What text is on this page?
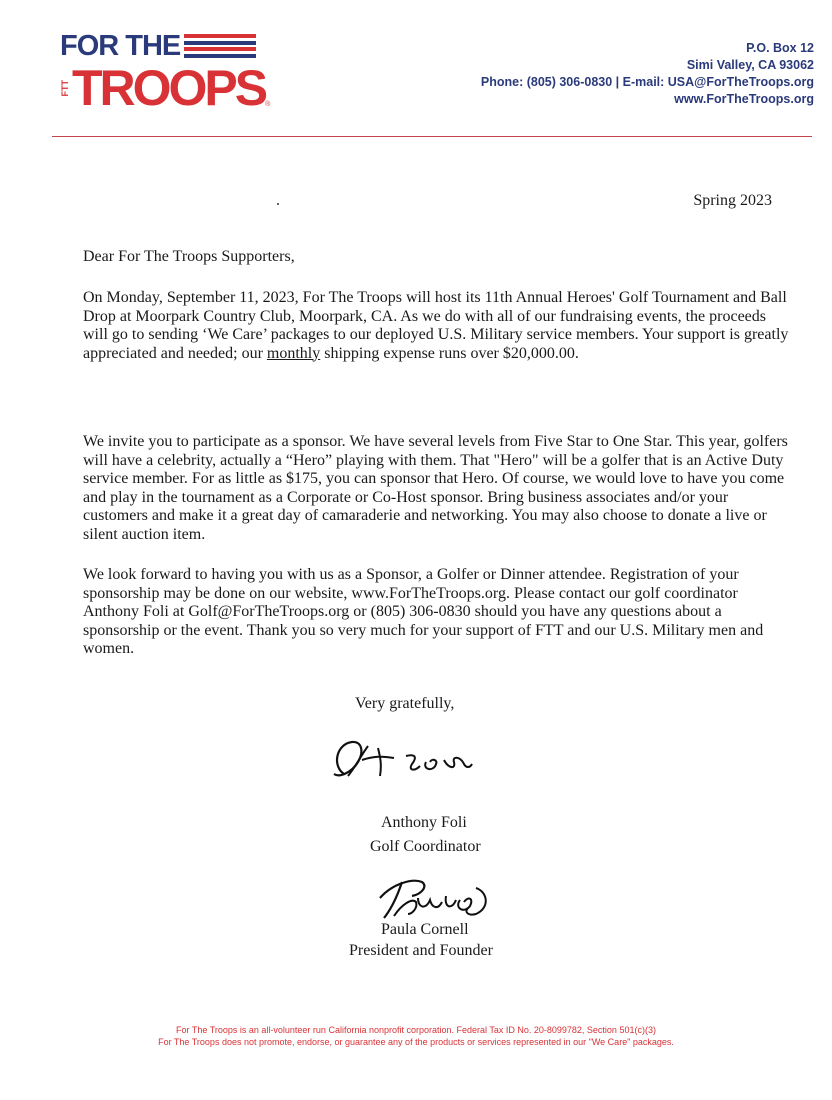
FOR THE
FTT TROOPS ®
P.O. Box 12
Simi Valley, CA 93062
Phone: (805) 306-0830 | E-mail: USA@ForTheTroops.org
www.ForTheTroops.org
Spring 2023
Dear For The Troops Supporters,
On Monday, September 11, 2023, For The Troops will host its 11th Annual Heroes' Golf Tournament and Ball Drop at Moorpark Country Club, Moorpark, CA. As we do with all of our fundraising events, the proceeds will go to sending ‘We Care’ packages to our deployed U.S. Military service members. Your support is greatly appreciated and needed; our monthly shipping expense runs over $20,000.00.
We invite you to participate as a sponsor. We have several levels from Five Star to One Star. This year, golfers will have a celebrity, actually a “Hero” playing with them. That "Hero" will be a golfer that is an Active Duty service member. For as little as $175, you can sponsor that Hero. Of course, we would love to have you come and play in the tournament as a Corporate or Co-Host sponsor. Bring business associates and/or your customers and make it a great day of camaraderie and networking. You may also choose to donate a live or silent auction item.
We look forward to having you with us as a Sponsor, a Golfer or Dinner attendee. Registration of your sponsorship may be done on our website, www.ForTheTroops.org. Please contact our golf coordinator Anthony Foli at Golf@ForTheTroops.org or (805) 306-0830 should you have any questions about a sponsorship or the event. Thank you so very much for your support of FTT and our U.S. Military men and women.
Very gratefully,
Anthony Foli
Golf Coordinator
Paula Cornell
President and Founder
For The Troops is an all-volunteer run California nonprofit corporation. Federal Tax ID No. 20-8099782, Section 501(c)(3)
For The Troops does not promote, endorse, or guarantee any of the products or services represented in our "We Care" packages.
